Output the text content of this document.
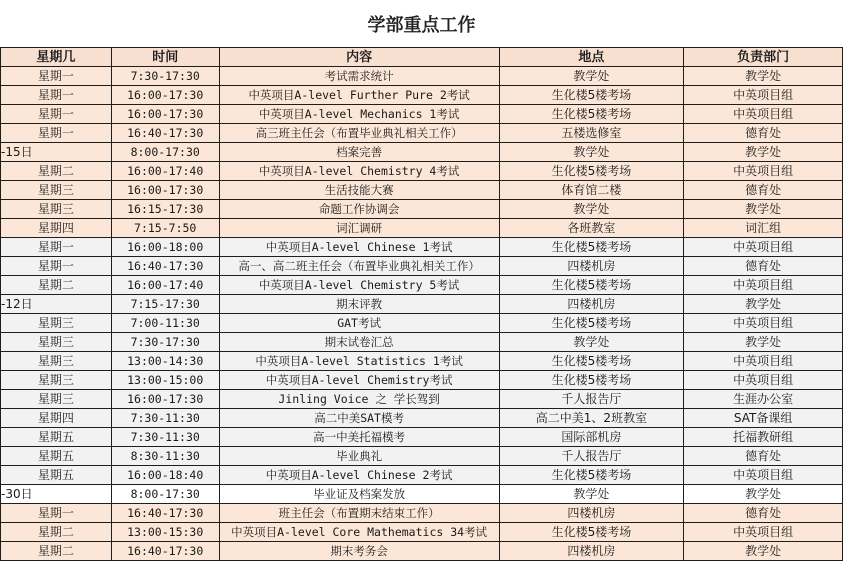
学部重点工作
星期几	时间	内容	地点	负责部门
星期一	7:30-17:30	考试需求统计	教学处	教学处
星期一	16:00-17:30	中英项目A-level Further Pure 2考试	生化楼5楼考场	中英项目组
星期一	16:00-17:30	中英项目A-level Mechanics 1考试	生化楼5楼考场	中英项目组
星期一	16:40-17:30	高三班主任会（布置毕业典礼相关工作）	五楼选修室	德育处
-15日	8:00-17:30	档案完善	教学处	教学处
星期二	16:00-17:40	中英项目A-level Chemistry 4考试	生化楼5楼考场	中英项目组
星期三	16:00-17:30	生活技能大赛	体育馆二楼	德育处
星期三	16:15-17:30	命题工作协调会	教学处	教学处
星期四	7:15-7:50	词汇调研	各班教室	词汇组
星期一	16:00-18:00	中英项目A-level Chinese 1考试	生化楼5楼考场	中英项目组
星期一	16:40-17:30	高一、高二班主任会（布置毕业典礼相关工作）	四楼机房	德育处
星期二	16:00-17:40	中英项目A-level Chemistry 5考试	生化楼5楼考场	中英项目组
-12日	7:15-17:30	期末评教	四楼机房	教学处
星期三	7:00-11:30	GAT考试	生化楼5楼考场	中英项目组
星期三	7:30-17:30	期末试卷汇总	教学处	教学处
星期三	13:00-14:30	中英项目A-level Statistics 1考试	生化楼5楼考场	中英项目组
星期三	13:00-15:00	中英项目A-level Chemistry考试	生化楼5楼考场	中英项目组
星期三	16:00-17:30	Jinling Voice 之 学长驾到	千人报告厅	生涯办公室
星期四	7:30-11:30	高二中美SAT模考	高二中美1、2班教室	SAT备课组
星期五	7:30-11:30	高一中美托福模考	国际部机房	托福教研组
星期五	8:30-11:30	毕业典礼	千人报告厅	德育处
星期五	16:00-18:40	中英项目A-level Chinese 2考试	生化楼5楼考场	中英项目组
-30日	8:00-17:30	毕业证及档案发放	教学处	教学处
星期一	16:40-17:30	班主任会（布置期末结束工作）	四楼机房	德育处
星期二	13:00-15:30	中英项目A-level Core Mathematics 34考试	生化楼5楼考场	中英项目组
星期二	16:40-17:30	期末考务会	四楼机房	教学处
